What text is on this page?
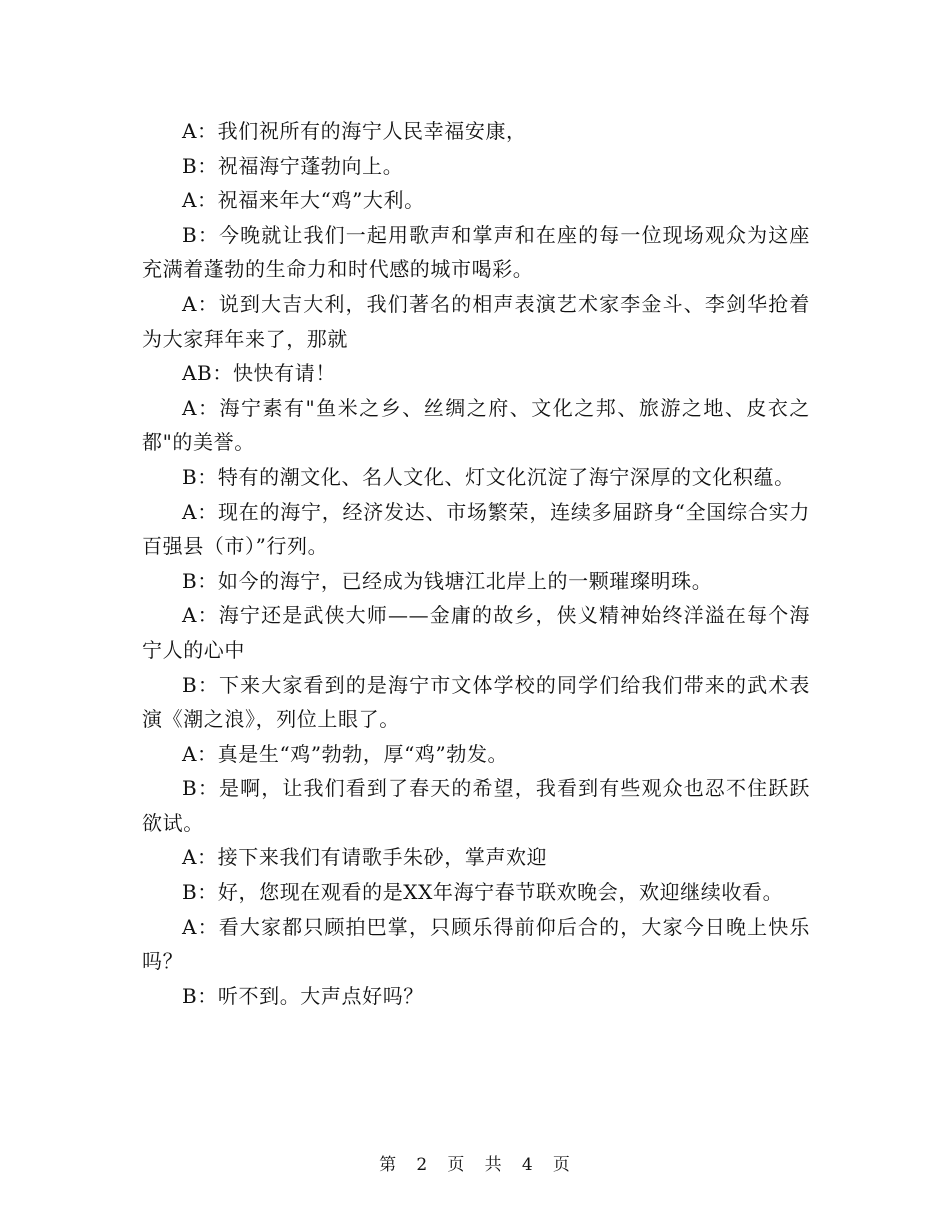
A：我们祝所有的海宁人民幸福安康，

B：祝福海宁蓬勃向上。

A：祝福来年大“鸡”大利。

B：今晚就让我们一起用歌声和掌声和在座的每一位现场观众为这座充满着蓬勃的生命力和时代感的城市喝彩。

A：说到大吉大利，我们著名的相声表演艺术家李金斗、李剑华抢着为大家拜年来了，那就

AB：快快有请！

A：海宁素有"鱼米之乡、丝绸之府、文化之邦、旅游之地、皮衣之都"的美誉。

B：特有的潮文化、名人文化、灯文化沉淀了海宁深厚的文化积蕴。

A：现在的海宁，经济发达、市场繁荣，连续多届跻身“全国综合实力百强县（市）”行列。

B：如今的海宁，已经成为钱塘江北岸上的一颗璀璨明珠。

A：海宁还是武侠大师——金庸的故乡，侠义精神始终洋溢在每个海宁人的心中

B：下来大家看到的是海宁市文体学校的同学们给我们带来的武术表演《潮之浪》，列位上眼了。

A：真是生“鸡”勃勃，厚“鸡”勃发。

B：是啊，让我们看到了春天的希望，我看到有些观众也忍不住跃跃欲试。

A：接下来我们有请歌手朱砂，掌声欢迎

B：好，您现在观看的是XX年海宁春节联欢晚会，欢迎继续收看。

A：看大家都只顾拍巴掌，只顾乐得前仰后合的，大家今日晚上快乐吗？

B：听不到。大声点好吗？

第 2 页 共 4 页
